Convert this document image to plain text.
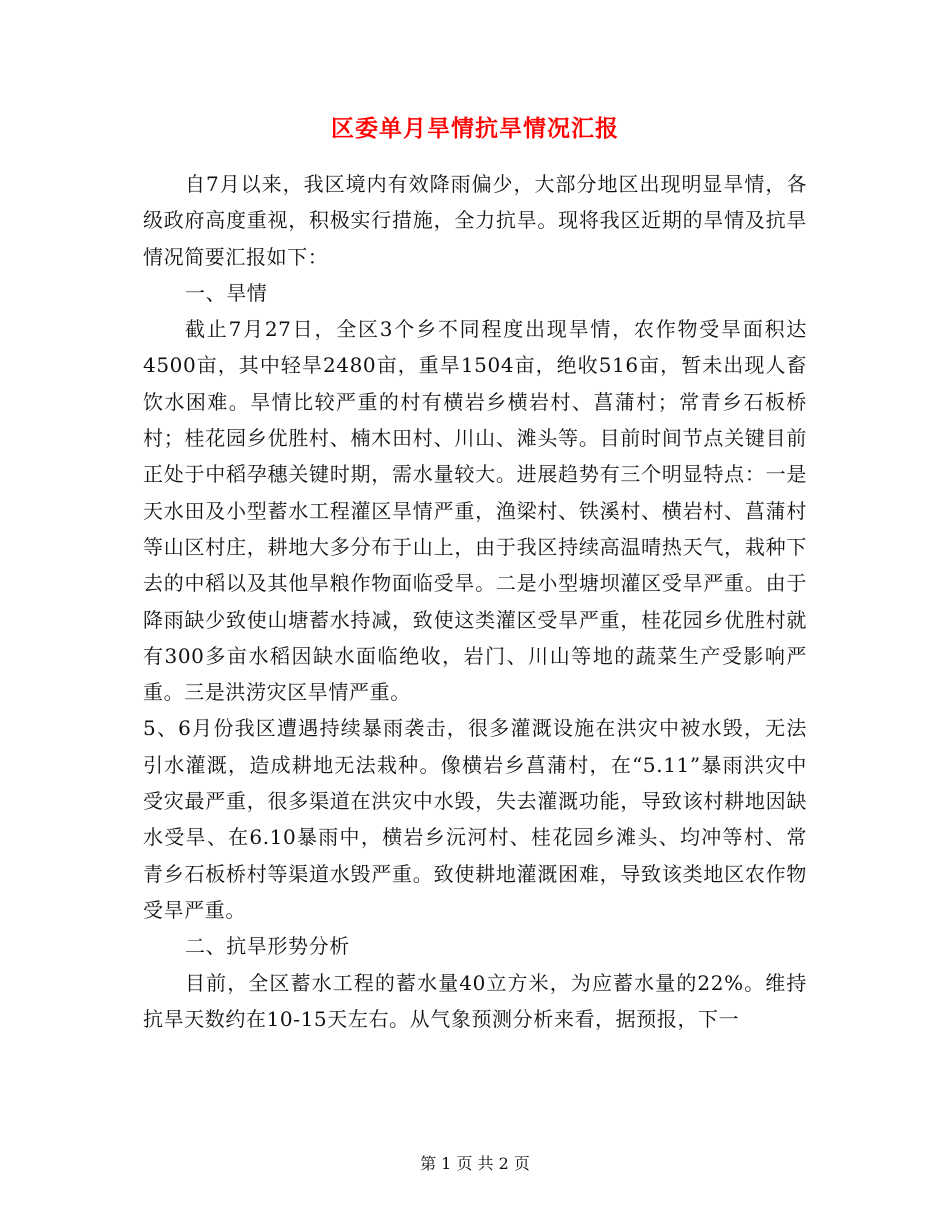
区委单月旱情抗旱情况汇报

自7月以来，我区境内有效降雨偏少，大部分地区出现明显旱情，各级政府高度重视，积极实行措施，全力抗旱。现将我区近期的旱情及抗旱情况简要汇报如下：

一、旱情

截止7月27日，全区3个乡不同程度出现旱情，农作物受旱面积达4500亩，其中轻旱2480亩，重旱1504亩，绝收516亩，暂未出现人畜饮水困难。旱情比较严重的村有横岩乡横岩村、菖蒲村；常青乡石板桥村；桂花园乡优胜村、楠木田村、川山、滩头等。目前时间节点关键目前正处于中稻孕穗关键时期，需水量较大。进展趋势有三个明显特点：一是天水田及小型蓄水工程灌区旱情严重，渔梁村、铁溪村、横岩村、菖蒲村等山区村庄，耕地大多分布于山上，由于我区持续高温晴热天气，栽种下去的中稻以及其他旱粮作物面临受旱。二是小型塘坝灌区受旱严重。由于降雨缺少致使山塘蓄水持减，致使这类灌区受旱严重，桂花园乡优胜村就有300多亩水稻因缺水面临绝收，岩门、川山等地的蔬菜生产受影响严重。三是洪涝灾区旱情严重。

5、6月份我区遭遇持续暴雨袭击，很多灌溉设施在洪灾中被水毁，无法引水灌溉，造成耕地无法栽种。像横岩乡菖蒲村，在“5.11”暴雨洪灾中受灾最严重，很多渠道在洪灾中水毁，失去灌溉功能，导致该村耕地因缺水受旱、在6.10暴雨中，横岩乡沅河村、桂花园乡滩头、均冲等村、常青乡石板桥村等渠道水毁严重。致使耕地灌溉困难，导致该类地区农作物受旱严重。

二、抗旱形势分析

目前，全区蓄水工程的蓄水量40立方米，为应蓄水量的22%。维持抗旱天数约在10-15天左右。从气象预测分析来看，据预报，下一

第 1 页 共 2 页
